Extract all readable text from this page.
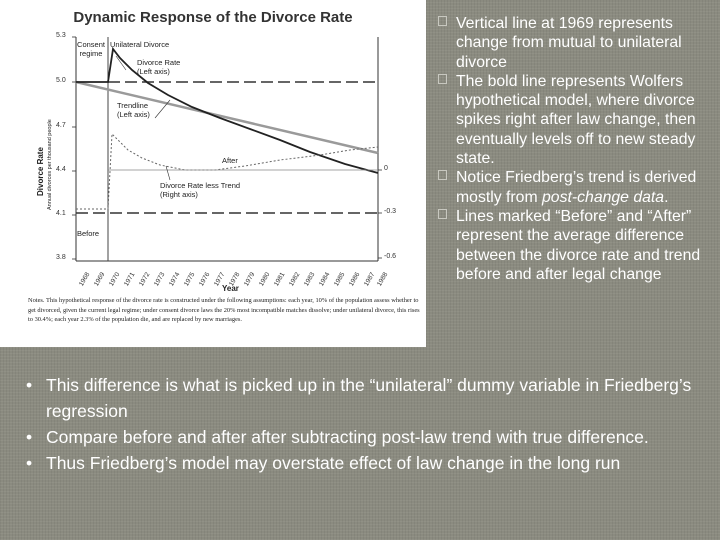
Dynamic Response of the Divorce Rate
Divorce Rate Annual divorces per thousand people
5.3
5.0
4.7
4.4
4.1
3.8
0
-0.3
-0.6
Consent regime
Unilateral Divorce
Divorce Rate (Left axis)
Trendline (Left axis)
After
Divorce Rate less Trend (Right axis)
Before
1968 1969 1970 1971 1972 1973 1974 1975 1976 1977 1978 1979 1980 1981 1982 1983 1984 1985 1986 1987 1988
Year
Notes. This hypothetical response of the divorce rate is constructed under the following assumptions: each year, 10% of the population assess whether to get divorced, given the current legal regime; under consent divorce laws the 20% most incompatible matches dissolve; under unilateral divorce, this rises to 30.4%; each year 2.3% of the population die, and are replaced by new marriages.
Vertical line at 1969 represents change from mutual to unilateral divorce
The bold line represents Wolfers hypothetical model, where divorce spikes right after law change, then eventually levels off to new steady state.
Notice Friedberg’s trend is derived mostly from post-change data.
Lines marked “Before” and “After” represent the average difference between the divorce rate and trend before and after legal change
• This difference is what is picked up in the “unilateral” dummy variable in Friedberg’s regression
• Compare before and after after subtracting post-law trend with true difference.
• Thus Friedberg’s model may overstate effect of law change in the long run
